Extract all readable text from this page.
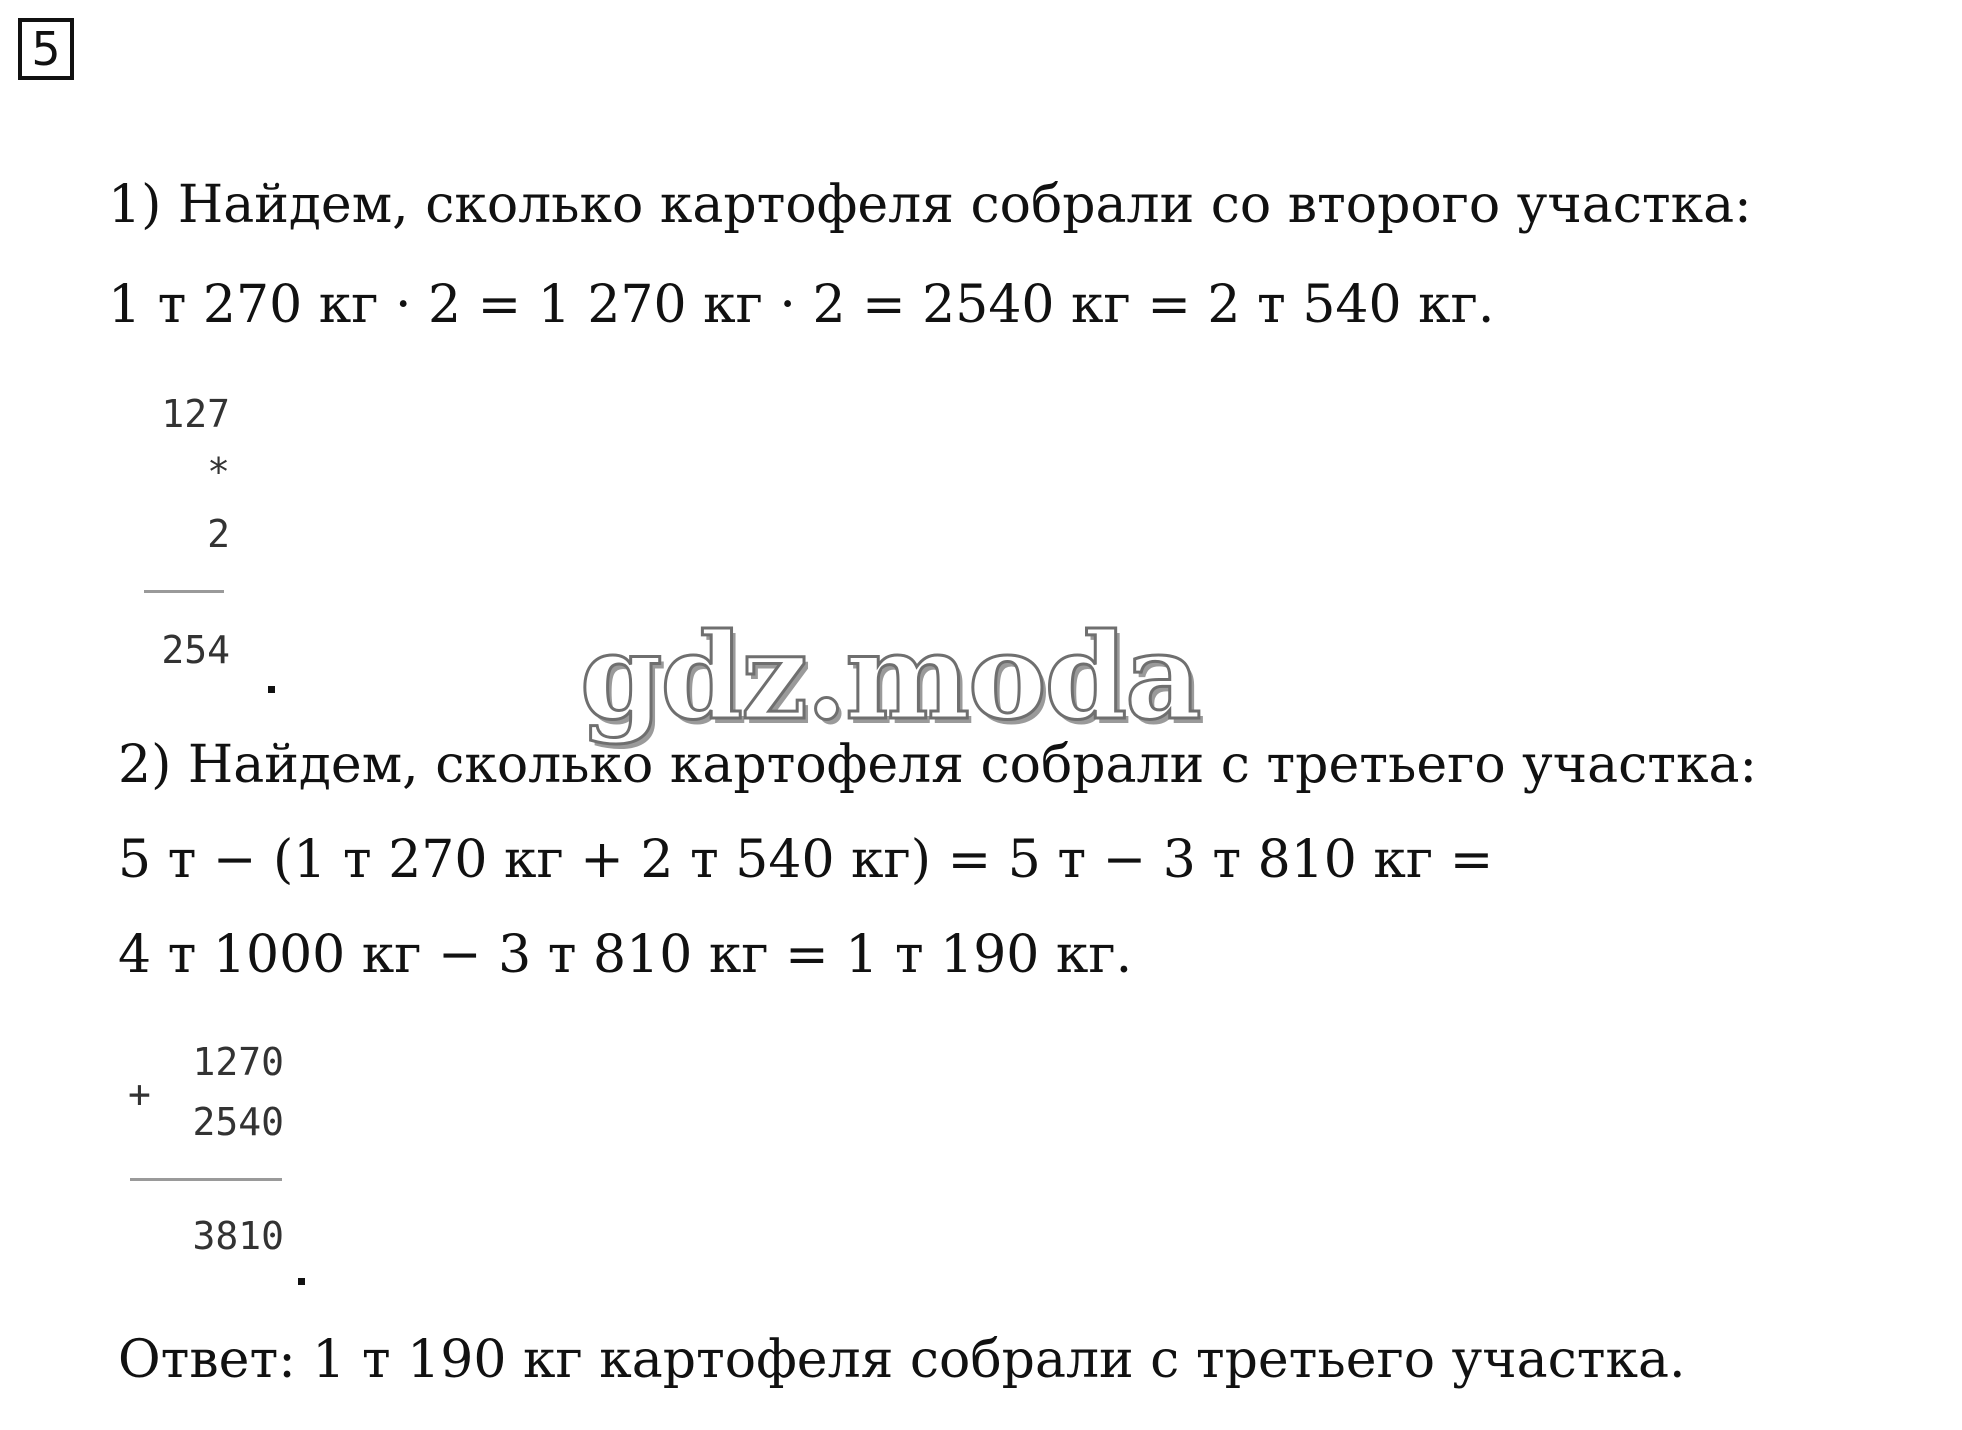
5
1) Найдем, сколько картофеля собрали со второго участка:
1 т 270 кг · 2 = 1 270 кг · 2 = 2540 кг = 2 т 540 кг.
127
*
2
254	gdz.moda
2) Найдем, сколько картофеля собрали с третьего участка:
5 т − (1 т 270 кг + 2 т 540 кг) = 5 т − 3 т 810 кг =
4 т 1000 кг − 3 т 810 кг = 1 т 190 кг.
+
1270
2540
3810
Ответ: 1 т 190 кг картофеля собрали с третьего участка.
